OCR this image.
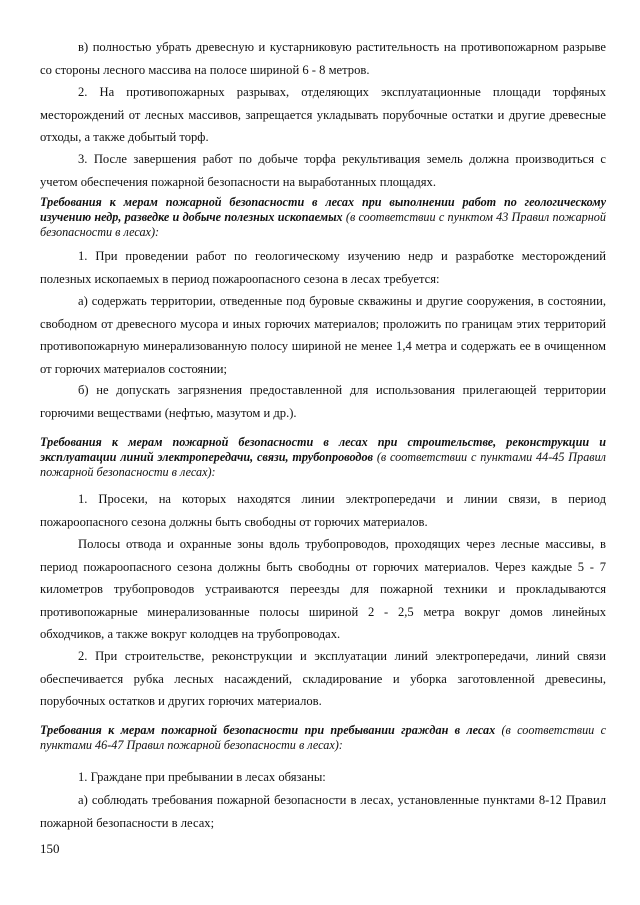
в) полностью убрать древесную и кустарниковую растительность на противопожарном разрыве со стороны лесного массива на полосе шириной 6 - 8 метров.

2. На противопожарных разрывах, отделяющих эксплуатационные площади торфяных месторождений от лесных массивов, запрещается укладывать порубочные остатки и другие древесные отходы, а также добытый торф.

3. После завершения работ по добыче торфа рекультивация земель должна производиться с учетом обеспечения пожарной безопасности на выработанных площадях.

Требования к мерам пожарной безопасности в лесах при выполнении работ по геологическому изучению недр, разведке и добыче полезных ископаемых (в соответствии с пунктом 43 Правил пожарной безопасности в лесах):

1. При проведении работ по геологическому изучению недр и разработке месторождений полезных ископаемых в период пожароопасного сезона в лесах требуется:

а) содержать территории, отведенные под буровые скважины и другие сооружения, в состоянии, свободном от древесного мусора и иных горючих материалов; проложить по границам этих территорий противопожарную минерализованную полосу шириной не менее 1,4 метра и содержать ее в очищенном от горючих материалов состоянии;

б) не допускать загрязнения предоставленной для использования прилегающей территории горючими веществами (нефтью, мазутом и др.).

Требования к мерам пожарной безопасности в лесах при строительстве, реконструкции и эксплуатации линий электропередачи, связи, трубопроводов (в соответствии с пунктами 44-45 Правил пожарной безопасности в лесах):

1. Просеки, на которых находятся линии электропередачи и линии связи, в период пожароопасного сезона должны быть свободны от горючих материалов.

Полосы отвода и охранные зоны вдоль трубопроводов, проходящих через лесные массивы, в период пожароопасного сезона должны быть свободны от горючих материалов. Через каждые 5 - 7 километров трубопроводов устраиваются переезды для пожарной техники и прокладываются противопожарные минерализованные полосы шириной 2 - 2,5 метра вокруг домов линейных обходчиков, а также вокруг колодцев на трубопроводах.

2. При строительстве, реконструкции и эксплуатации линий электропередачи, линий связи обеспечивается рубка лесных насаждений, складирование и уборка заготовленной древесины, порубочных остатков и других горючих материалов.

Требования к мерам пожарной безопасности при пребывании граждан в лесах (в соответствии с пунктами 46-47 Правил пожарной безопасности в лесах):

1. Граждане при пребывании в лесах обязаны:

а) соблюдать требования пожарной безопасности в лесах, установленные пунктами 8-12 Правил пожарной безопасности в лесах;

150
